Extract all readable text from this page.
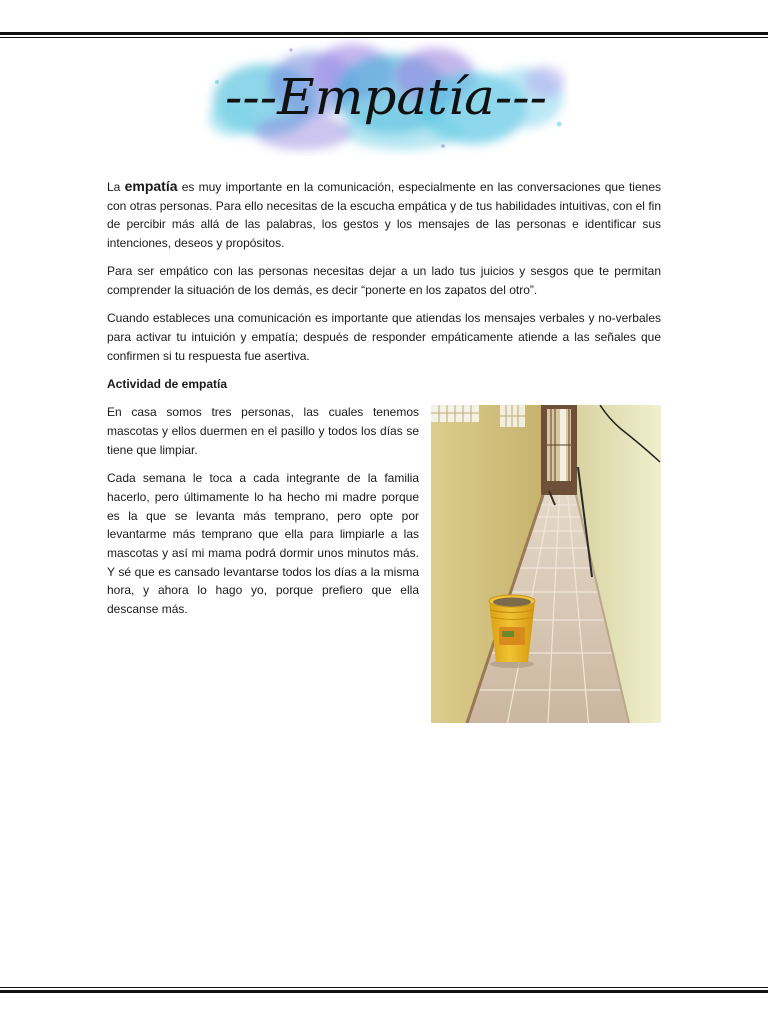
---Empatía---

La empatía es muy importante en la comunicación, especialmente en las conversaciones que tienes con otras personas. Para ello necesitas de la escucha empática y de tus habilidades intuitivas, con el fin de percibir más allá de las palabras, los gestos y los mensajes de las personas e identificar sus intenciones, deseos y propósitos.

Para ser empático con las personas necesitas dejar a un lado tus juicios y sesgos que te permitan comprender la situación de los demás, es decir “ponerte en los zapatos del otro”.

Cuando estableces una comunicación es importante que atiendas los mensajes verbales y no-verbales para activar tu intuición y empatía; después de responder empáticamente atiende a las señales que confirmen si tu respuesta fue asertiva.

Actividad de empatía

En casa somos tres personas, las cuales tenemos mascotas y ellos duermen en el pasillo y todos los días se tiene que limpiar.

Cada semana le toca a cada integrante de la familia hacerlo, pero últimamente lo ha hecho mi madre porque es la que se levanta más temprano, pero opte por levantarme más temprano que ella para limpiarle a las mascotas y así mi mama podrá dormir unos minutos más. Y sé que es cansado levantarse todos los días a la misma hora, y ahora lo hago yo, porque prefiero que ella descanse más.
